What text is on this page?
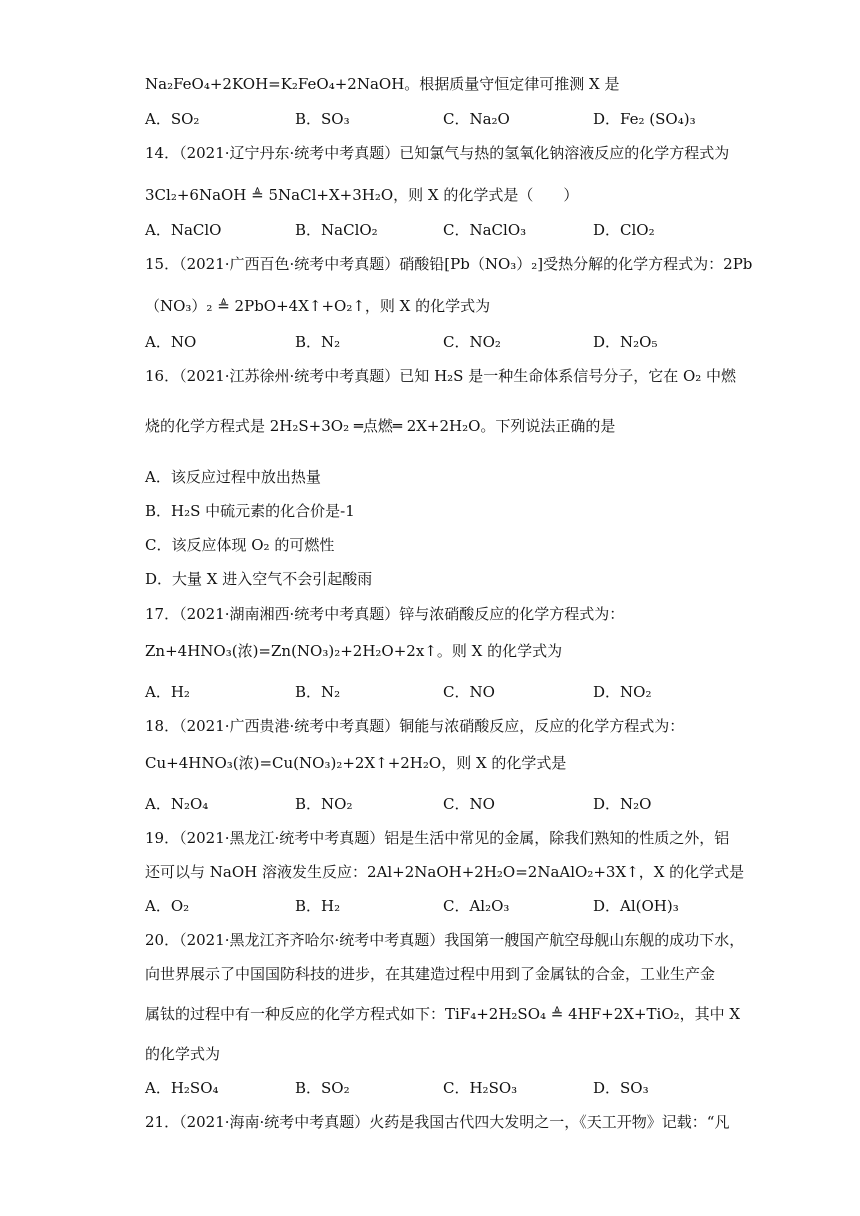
Na₂FeO₄+2KOH=K₂FeO₄+2NaOH。根据质量守恒定律可推测 X 是
A．SO₂	B．SO₃	C．Na₂O	D．Fe₂ (SO₄)₃
14．（2021·辽宁丹东·统考中考真题）已知氯气与热的氢氧化钠溶液反应的化学方程式为
3Cl₂+6NaOH ≜ 5NaCl+X+3H₂O，则 X 的化学式是（　　）
A．NaClO	B．NaClO₂	C．NaClO₃	D．ClO₂
15．（2021·广西百色·统考中考真题）硝酸铅[Pb（NO₃）₂]受热分解的化学方程式为：2Pb
（NO₃）₂ ≜ 2PbO+4X↑+O₂↑，则 X 的化学式为
A．NO	B．N₂	C．NO₂	D．N₂O₅
16．（2021·江苏徐州·统考中考真题）已知 H₂S 是一种生命体系信号分子，它在 O₂ 中燃
烧的化学方程式是 2H₂S+3O₂ ═点燃═ 2X+2H₂O。下列说法正确的是
A．该反应过程中放出热量
B．H₂S 中硫元素的化合价是-1
C．该反应体现 O₂ 的可燃性
D．大量 X 进入空气不会引起酸雨
17．（2021·湖南湘西·统考中考真题）锌与浓硝酸反应的化学方程式为：
Zn+4HNO₃(浓)=Zn(NO₃)₂+2H₂O+2x↑。则 X 的化学式为
A．H₂	B．N₂	C．NO	D．NO₂
18．（2021·广西贵港·统考中考真题）铜能与浓硝酸反应，反应的化学方程式为：
Cu+4HNO₃(浓)=Cu(NO₃)₂+2X↑+2H₂O，则 X 的化学式是
A．N₂O₄	B．NO₂	C．NO	D．N₂O
19．（2021·黑龙江·统考中考真题）铝是生活中常见的金属，除我们熟知的性质之外，铝
还可以与 NaOH 溶液发生反应：2Al+2NaOH+2H₂O=2NaAlO₂+3X↑，X 的化学式是
A．O₂	B．H₂	C．Al₂O₃	D．Al(OH)₃
20．（2021·黑龙江齐齐哈尔·统考中考真题）我国第一艘国产航空母舰山东舰的成功下水，
向世界展示了中国国防科技的进步，在其建造过程中用到了金属钛的合金，工业生产金
属钛的过程中有一种反应的化学方程式如下：TiF₄+2H₂SO₄ ≜ 4HF+2X+TiO₂，其中 X
的化学式为
A．H₂SO₄	B．SO₂	C．H₂SO₃	D．SO₃
21．（2021·海南·统考中考真题）火药是我国古代四大发明之一，《天工开物》记载：“凡
